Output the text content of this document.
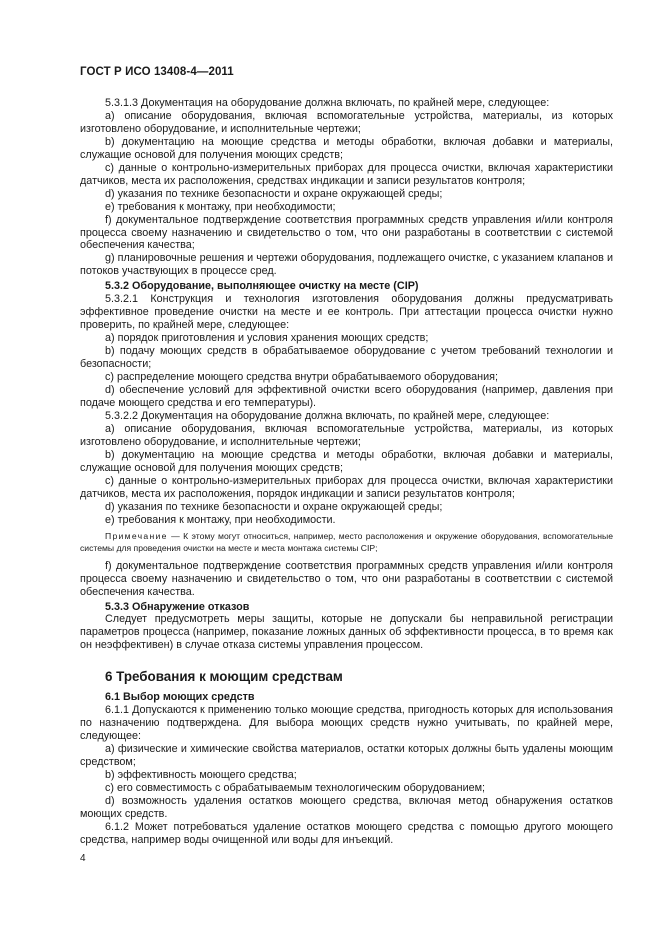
ГОСТ Р ИСО 13408-4—2011

5.3.1.3 Документация на оборудование должна включать, по крайней мере, следующее:

a) описание оборудования, включая вспомогательные устройства, материалы, из которых изготовлено оборудование, и исполнительные чертежи;

b) документацию на моющие средства и методы обработки, включая добавки и материалы, служащие основой для получения моющих средств;

c) данные о контрольно-измерительных приборах для процесса очистки, включая характеристики датчиков, места их расположения, средствах индикации и записи результатов контроля;

d) указания по технике безопасности и охране окружающей среды;

e) требования к монтажу, при необходимости;

f) документальное подтверждение соответствия программных средств управления и/или контроля процесса своему назначению и свидетельство о том, что они разработаны в соответствии с системой обеспечения качества;

g) планировочные решения и чертежи оборудования, подлежащего очистке, с указанием клапанов и потоков участвующих в процессе сред.

5.3.2 Оборудование, выполняющее очистку на месте (CIP)

5.3.2.1 Конструкция и технология изготовления оборудования должны предусматривать эффективное проведение очистки на месте и ее контроль. При аттестации процесса очистки нужно проверить, по крайней мере, следующее:

a) порядок приготовления и условия хранения моющих средств;

b) подачу моющих средств в обрабатываемое оборудование с учетом требований технологии и безопасности;

c) распределение моющего средства внутри обрабатываемого оборудования;

d) обеспечение условий для эффективной очистки всего оборудования (например, давления при подаче моющего средства и его температуры).

5.3.2.2 Документация на оборудование должна включать, по крайней мере, следующее:

a) описание оборудования, включая вспомогательные устройства, материалы, из которых изготовлено оборудование, и исполнительные чертежи;

b) документацию на моющие средства и методы обработки, включая добавки и материалы, служащие основой для получения моющих средств;

c) данные о контрольно-измерительных приборах для процесса очистки, включая характеристики датчиков, места их расположения, порядок индикации и записи результатов контроля;

d) указания по технике безопасности и охране окружающей среды;

e) требования к монтажу, при необходимости.

Примечание — К этому могут относиться, например, место расположения и окружение оборудования, вспомогательные системы для проведения очистки на месте и места монтажа системы CIP;

f) документальное подтверждение соответствия программных средств управления и/или контроля процесса своему назначению и свидетельство о том, что они разработаны в соответствии с системой обеспечения качества.

5.3.3 Обнаружение отказов

Следует предусмотреть меры защиты, которые не допускали бы неправильной регистрации параметров процесса (например, показание ложных данных об эффективности процесса, в то время как он неэффективен) в случае отказа системы управления процессом.

6 Требования к моющим средствам

6.1 Выбор моющих средств

6.1.1 Допускаются к применению только моющие средства, пригодность которых для использования по назначению подтверждена. Для выбора моющих средств нужно учитывать, по крайней мере, следующее:

a) физические и химические свойства материалов, остатки которых должны быть удалены моющим средством;

b) эффективность моющего средства;

c) его совместимость с обрабатываемым технологическим оборудованием;

d) возможность удаления остатков моющего средства, включая метод обнаружения остатков моющих средств.

6.1.2 Может потребоваться удаление остатков моющего средства с помощью другого моющего средства, например воды очищенной или воды для инъекций.

4
